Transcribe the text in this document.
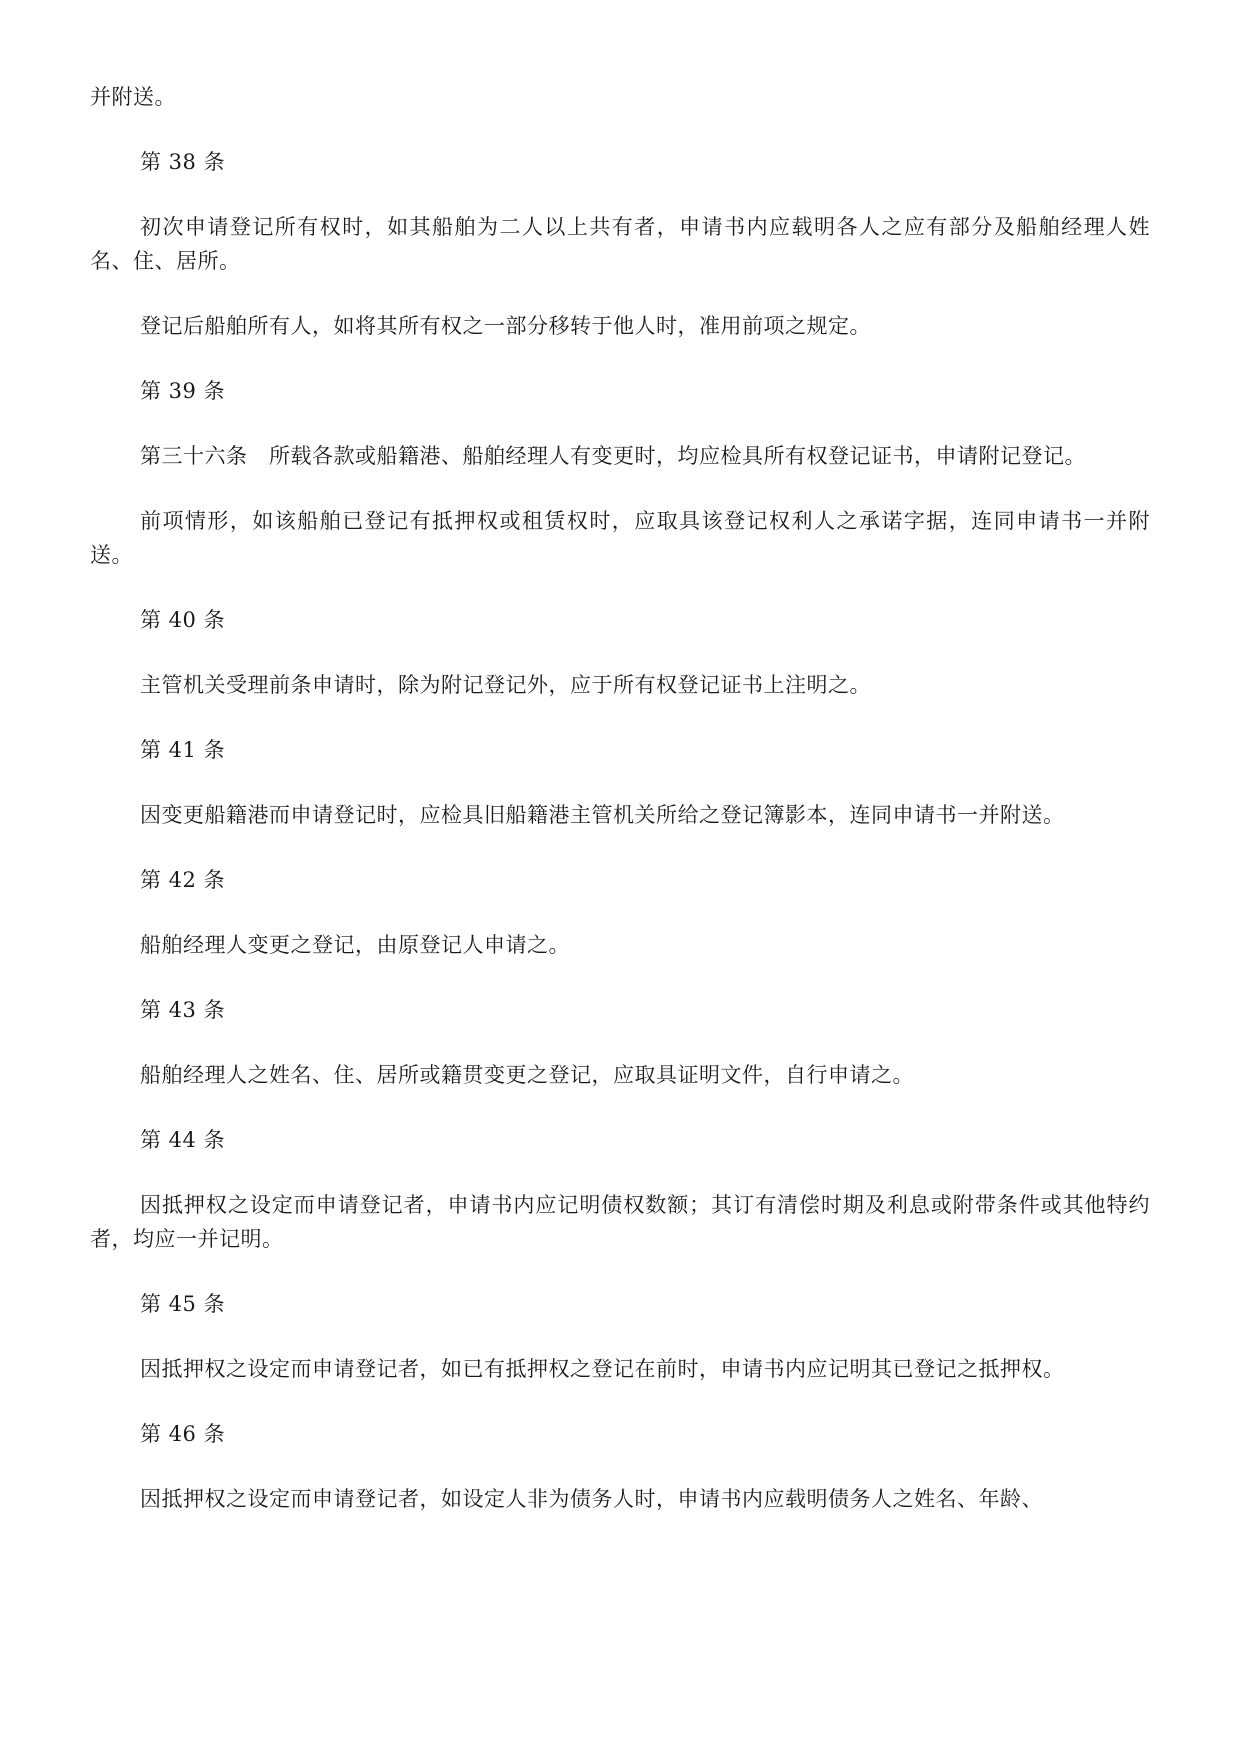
并附送。

第 38 条

初次申请登记所有权时，如其船舶为二人以上共有者，申请书内应载明各人之应有部分及船舶经理人姓名、住、居所。

登记后船舶所有人，如将其所有权之一部分移转于他人时，准用前项之规定。

第 39 条

第三十六条　所载各款或船籍港、船舶经理人有变更时，均应检具所有权登记证书，申请附记登记。

前项情形，如该船舶已登记有抵押权或租赁权时，应取具该登记权利人之承诺字据，连同申请书一并附送。

第 40 条

主管机关受理前条申请时，除为附记登记外，应于所有权登记证书上注明之。

第 41 条

因变更船籍港而申请登记时，应检具旧船籍港主管机关所给之登记簿影本，连同申请书一并附送。

第 42 条

船舶经理人变更之登记，由原登记人申请之。

第 43 条

船舶经理人之姓名、住、居所或籍贯变更之登记，应取具证明文件，自行申请之。

第 44 条

因抵押权之设定而申请登记者，申请书内应记明债权数额；其订有清偿时期及利息或附带条件或其他特约者，均应一并记明。

第 45 条

因抵押权之设定而申请登记者，如已有抵押权之登记在前时，申请书内应记明其已登记之抵押权。

第 46 条

因抵押权之设定而申请登记者，如设定人非为债务人时，申请书内应载明债务人之姓名、年龄、
